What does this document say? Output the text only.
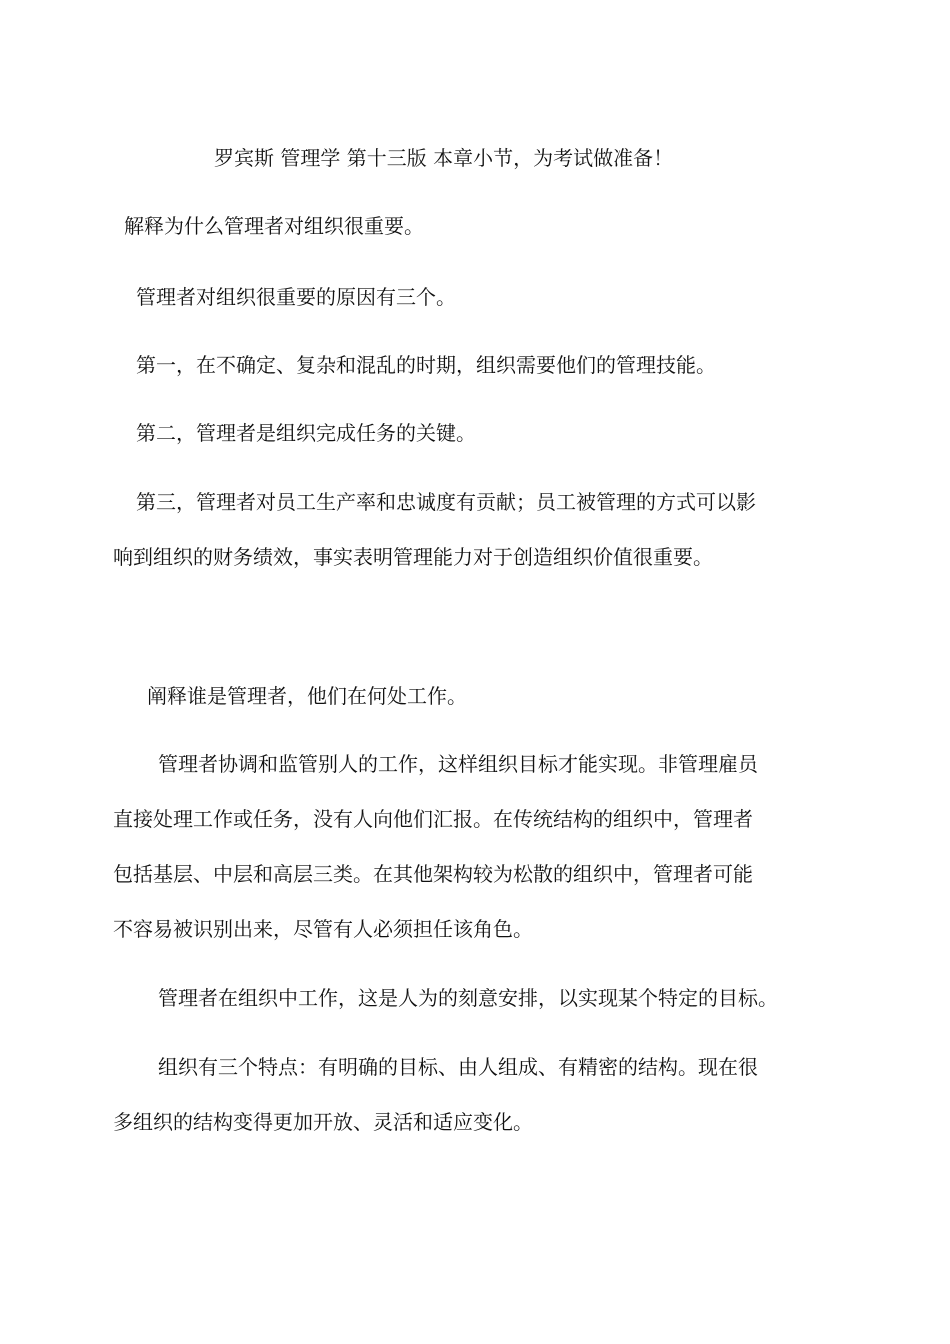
罗宾斯 管理学 第十三版 本章小节，为考试做准备！

解释为什么管理者对组织很重要。

管理者对组织很重要的原因有三个。

第一，在不确定、复杂和混乱的时期，组织需要他们的管理技能。

第二，管理者是组织完成任务的关键。

第三，管理者对员工生产率和忠诚度有贡献；员工被管理的方式可以影

响到组织的财务绩效，事实表明管理能力对于创造组织价值很重要。

阐释谁是管理者，他们在何处工作。

管理者协调和监管别人的工作，这样组织目标才能实现。非管理雇员

直接处理工作或任务，没有人向他们汇报。在传统结构的组织中，管理者

包括基层、中层和高层三类。在其他架构较为松散的组织中，管理者可能

不容易被识别出来，尽管有人必须担任该角色。

管理者在组织中工作，这是人为的刻意安排，以实现某个特定的目标。

组织有三个特点：有明确的目标、由人组成、有精密的结构。现在很

多组织的结构变得更加开放、灵活和适应变化。
